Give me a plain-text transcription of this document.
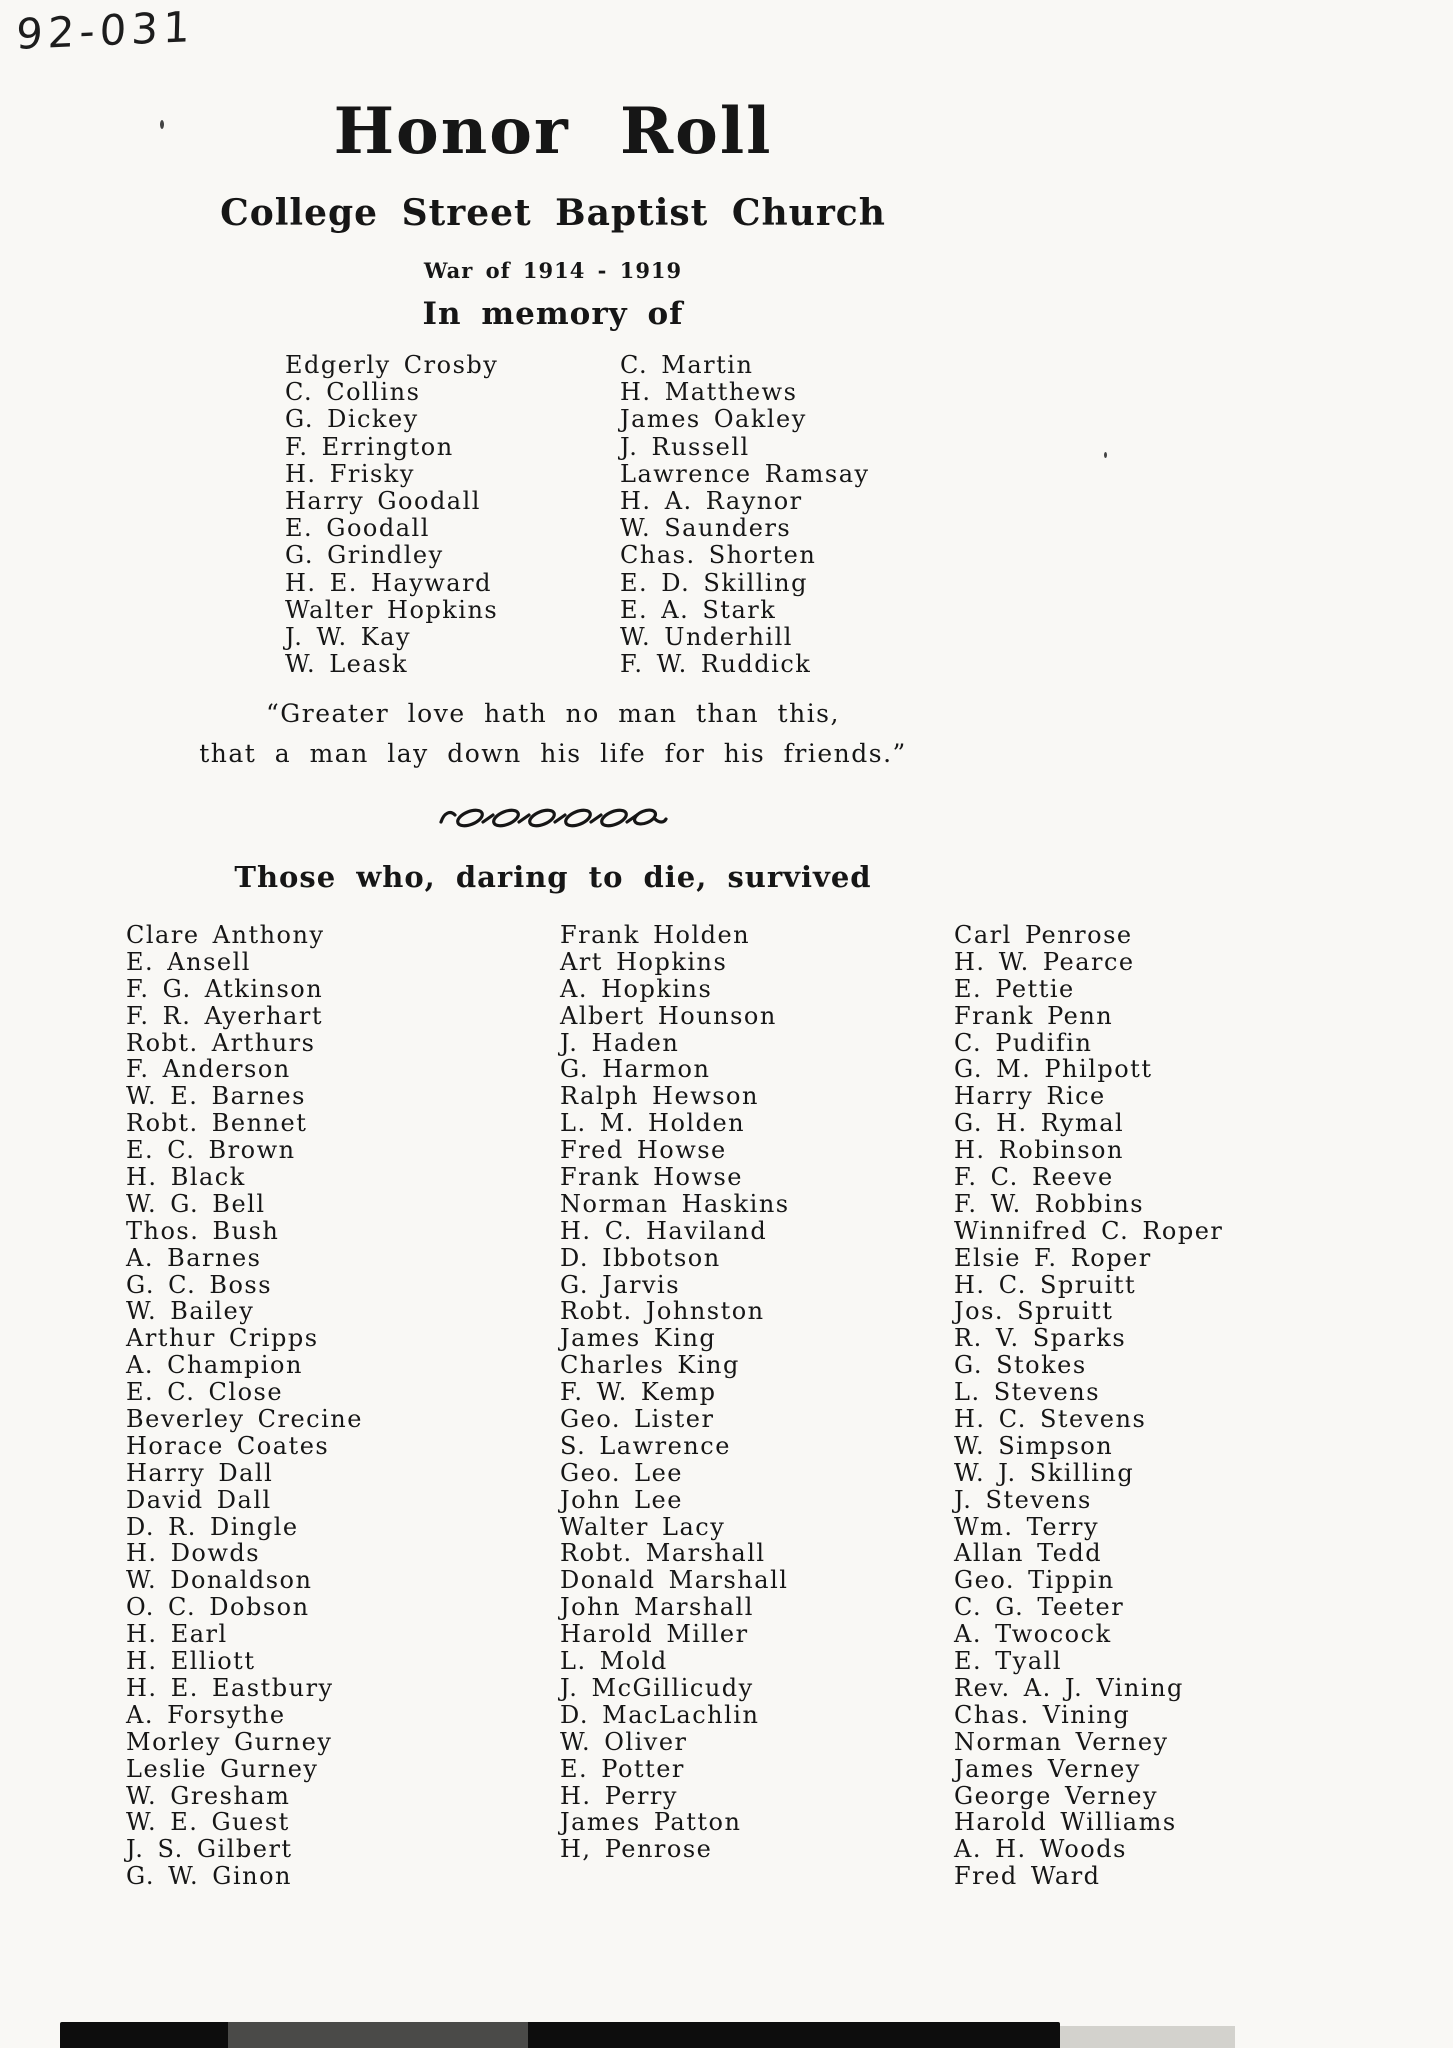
92-031
Honor Roll
College Street Baptist Church
War of 1914 - 1919
In memory of
Edgerly Crosby
C. Collins
G. Dickey
F. Errington
H. Frisky
Harry Goodall
E. Goodall
G. Grindley
H. E. Hayward
Walter Hopkins
J. W. Kay
W. Leask
C. Martin
H. Matthews
James Oakley
J. Russell
Lawrence Ramsay
H. A. Raynor
W. Saunders
Chas. Shorten
E. D. Skilling
E. A. Stark
W. Underhill
F. W. Ruddick
“Greater love hath no man than this,
that a man lay down his life for his friends.”
Those who, daring to die, survived
Clare Anthony
E. Ansell
F. G. Atkinson
F. R. Ayerhart
Robt. Arthurs
F. Anderson
W. E. Barnes
Robt. Bennet
E. C. Brown
H. Black
W. G. Bell
Thos. Bush
A. Barnes
G. C. Boss
W. Bailey
Arthur Cripps
A. Champion
E. C. Close
Beverley Crecine
Horace Coates
Harry Dall
David Dall
D. R. Dingle
H. Dowds
W. Donaldson
O. C. Dobson
H. Earl
H. Elliott
H. E. Eastbury
A. Forsythe
Morley Gurney
Leslie Gurney
W. Gresham
W. E. Guest
J. S. Gilbert
G. W. Ginon
Frank Holden
Art Hopkins
A. Hopkins
Albert Hounson
J. Haden
G. Harmon
Ralph Hewson
L. M. Holden
Fred Howse
Frank Howse
Norman Haskins
H. C. Haviland
D. Ibbotson
G. Jarvis
Robt. Johnston
James King
Charles King
F. W. Kemp
Geo. Lister
S. Lawrence
Geo. Lee
John Lee
Walter Lacy
Robt. Marshall
Donald Marshall
John Marshall
Harold Miller
L. Mold
J. McGillicudy
D. MacLachlin
W. Oliver
E. Potter
H. Perry
James Patton
H, Penrose
Carl Penrose
H. W. Pearce
E. Pettie
Frank Penn
C. Pudifin
G. M. Philpott
Harry Rice
G. H. Rymal
H. Robinson
F. C. Reeve
F. W. Robbins
Winnifred C. Roper
Elsie F. Roper
H. C. Spruitt
Jos. Spruitt
R. V. Sparks
G. Stokes
L. Stevens
H. C. Stevens
W. Simpson
W. J. Skilling
J. Stevens
Wm. Terry
Allan Tedd
Geo. Tippin
C. G. Teeter
A. Twocock
E. Tyall
Rev. A. J. Vining
Chas. Vining
Norman Verney
James Verney
George Verney
Harold Williams
A. H. Woods
Fred Ward
